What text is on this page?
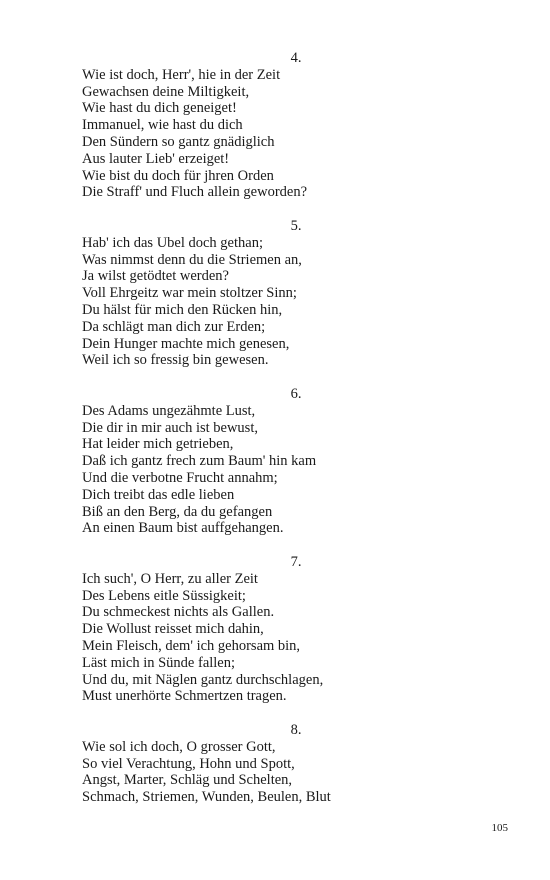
4.
Wie ist doch, Herr', hie in der Zeit
Gewachsen deine Miltigkeit,
Wie hast du dich geneiget!
Immanuel, wie hast du dich
Den Sündern so gantz gnädiglich
Aus lauter Lieb' erzeiget!
Wie bist du doch für jhren Orden
Die Straff' und Fluch allein geworden?
5.
Hab' ich das Ubel doch gethan;
Was nimmst denn du die Striemen an,
Ja wilst getödtet werden?
Voll Ehrgeitz war mein stoltzer Sinn;
Du hälst für mich den Rücken hin,
Da schlägt man dich zur Erden;
Dein Hunger machte mich genesen,
Weil ich so fressig bin gewesen.
6.
Des Adams ungezähmte Lust,
Die dir in mir auch ist bewust,
Hat leider mich getrieben,
Daß ich gantz frech zum Baum' hin kam
Und die verbotne Frucht annahm;
Dich treibt das edle lieben
Biß an den Berg, da du gefangen
An einen Baum bist auffgehangen.
7.
Ich such', O Herr, zu aller Zeit
Des Lebens eitle Süssigkeit;
Du schmeckest nichts als Gallen.
Die Wollust reisset mich dahin,
Mein Fleisch, dem' ich gehorsam bin,
Läst mich in Sünde fallen;
Und du, mit Näglen gantz durchschlagen,
Must unerhörte Schmertzen tragen.
8.
Wie sol ich doch, O grosser Gott,
So viel Verachtung, Hohn und Spott,
Angst, Marter, Schläg und Schelten,
Schmach, Striemen, Wunden, Beulen, Blut
105
